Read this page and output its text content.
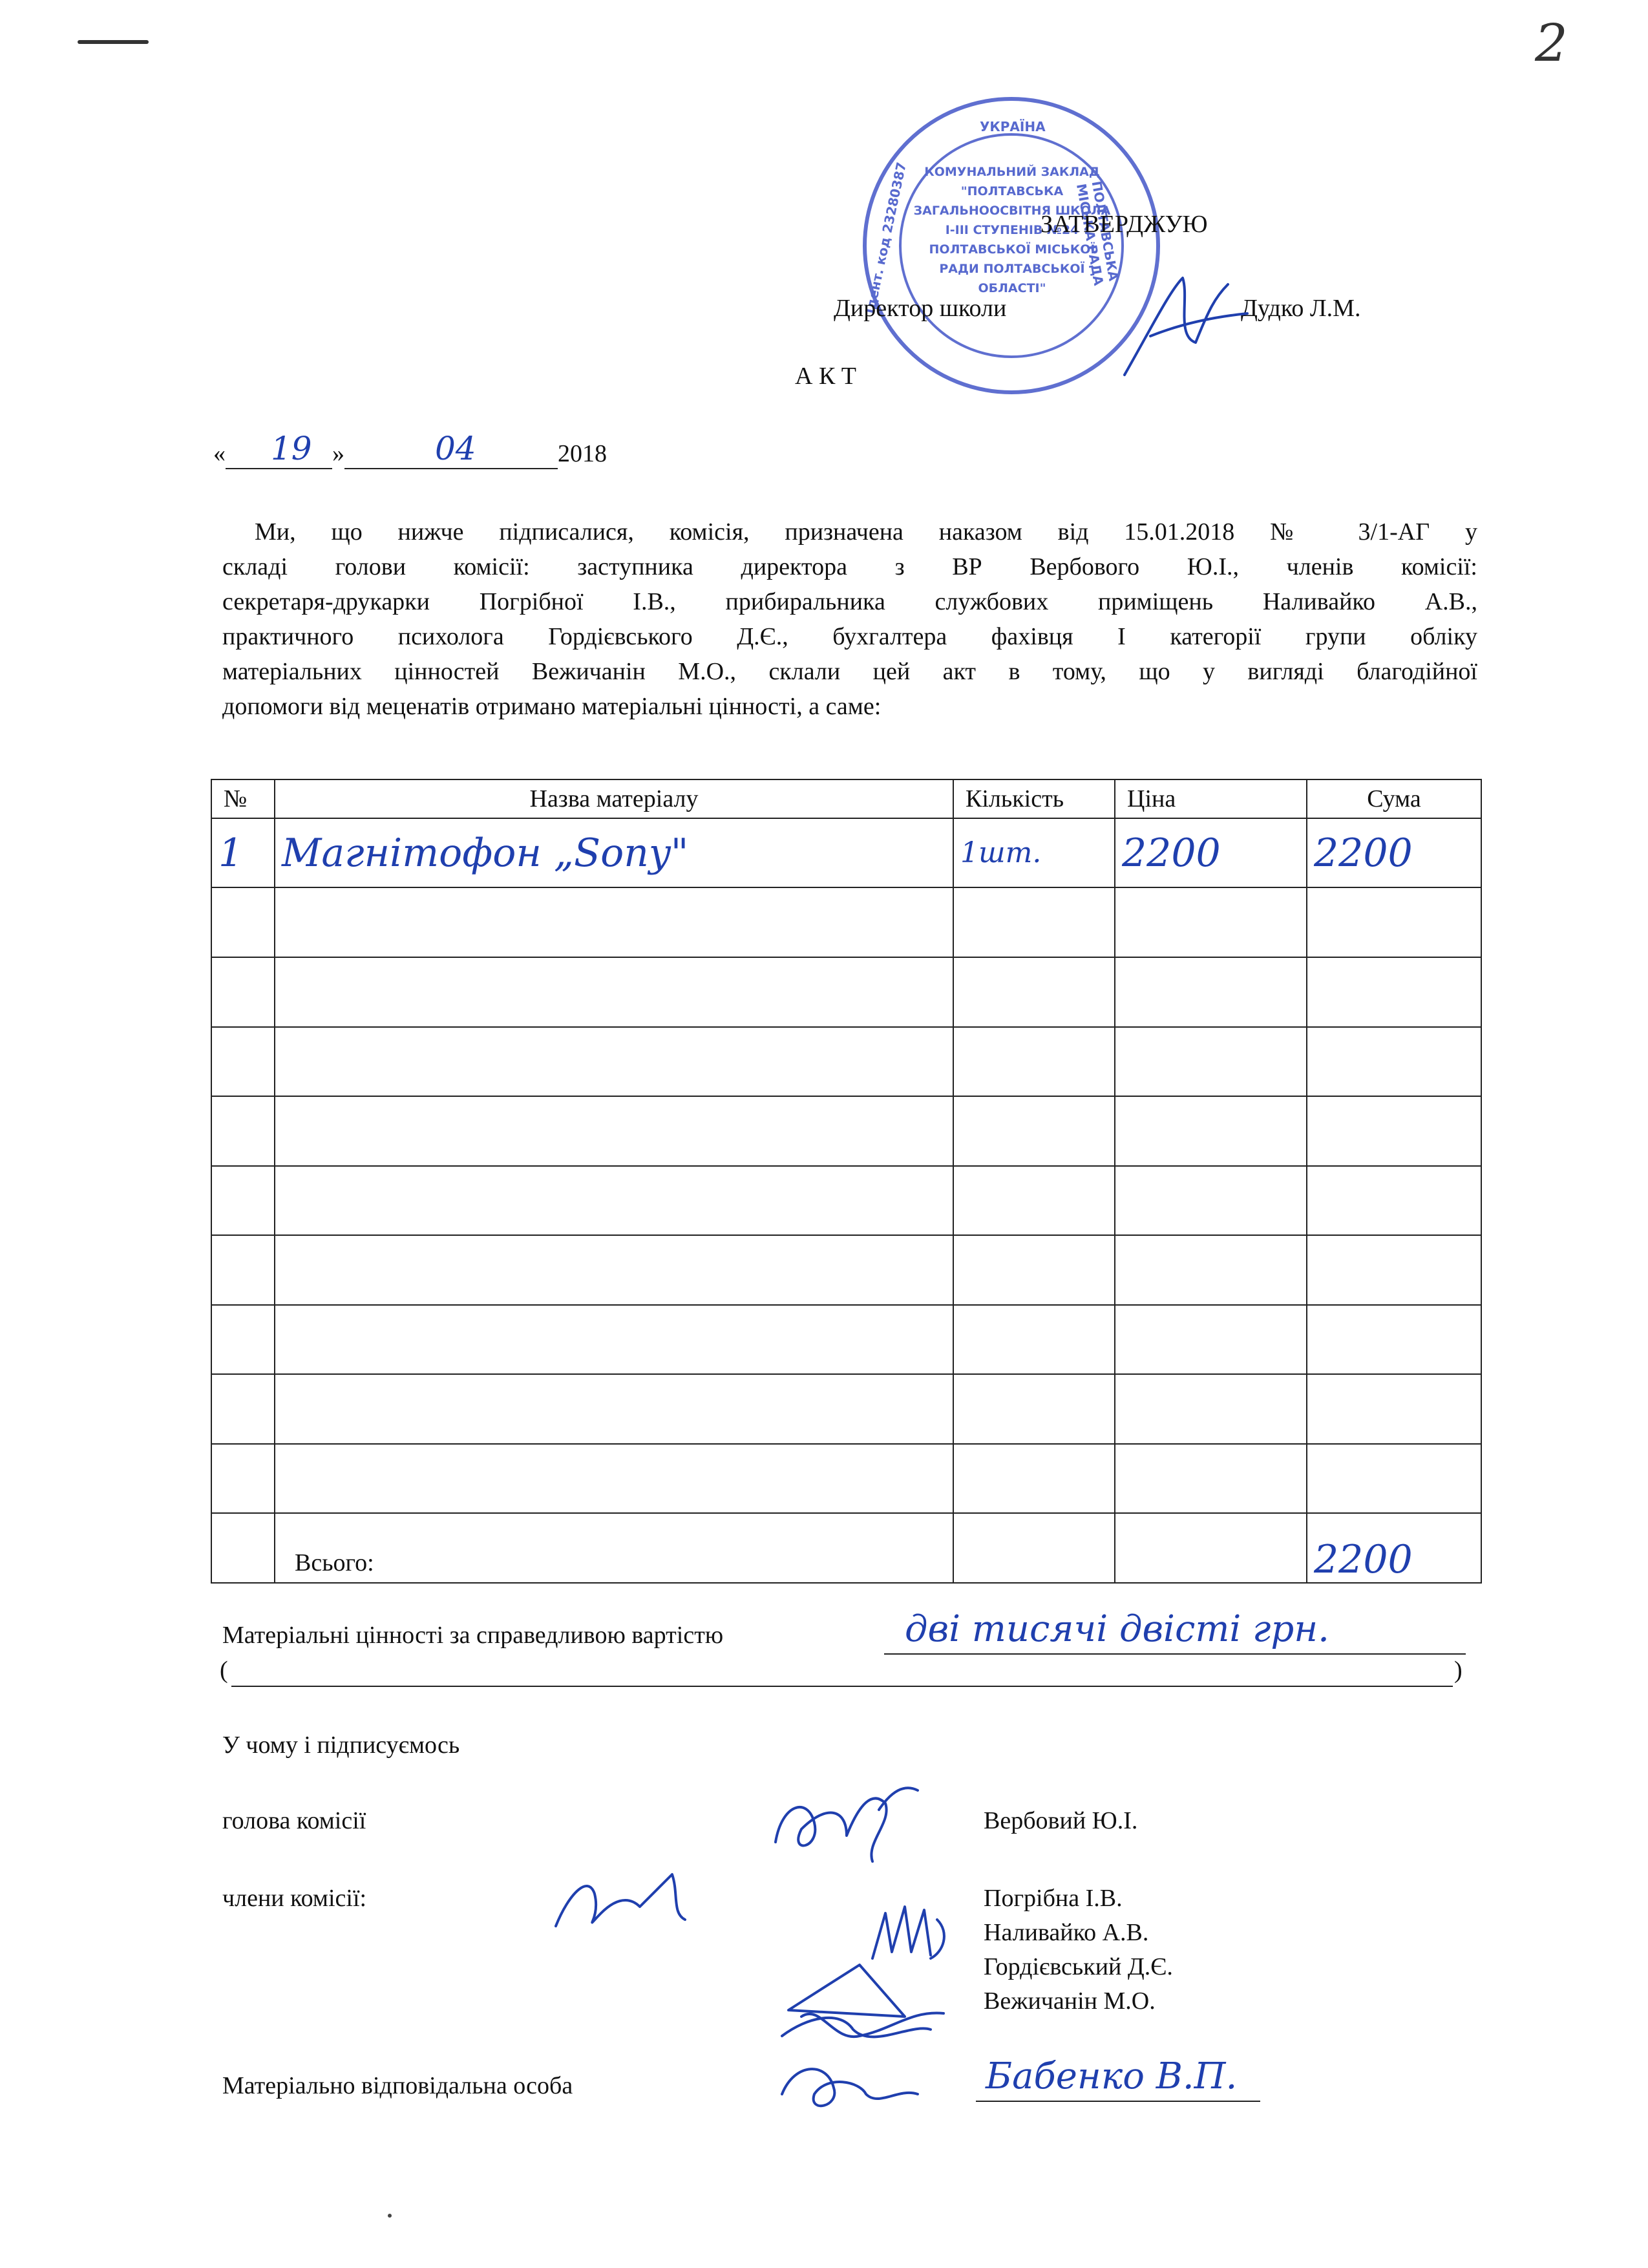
2
УКРАЇНА
Ідент. код 23280387	ПОЛТАВСЬКА МІСЬКА РАДА
КОМУНАЛЬНИЙ ЗАКЛАД "ПОЛТАВСЬКА ЗАГАЛЬНООСВІТНЯ ШКОЛА І-ІІІ СТУПЕНІВ №24 ПОЛТАВСЬКОЇ МІСЬКОЇ РАДИ ПОЛТАВСЬКОЇ ОБЛАСТІ"
ЗАТВЕРДЖУЮ
Директор школи	Дудко Л.М.
А К Т
« 19 »	04	2018
Ми, що нижче підписалися, комісія, призначена наказом від 15.01.2018 № 3/1-АГ у
складі голови комісії: заступника директора з ВР Вербового Ю.І., членів комісії:
секретаря-друкарки Погрібної І.В., прибиральника службових приміщень Наливайко А.В.,
практичного психолога Гордієвського Д.Є., бухгалтера фахівця І категорії групи обліку
матеріальних цінностей Вежичанін М.О., склали цей акт в тому, що у вигляді благодійної
допомоги від меценатів отримано матеріальні цінності, а саме:
№	Назва матеріалу	Кількість	Ціна	Сума
1	Магнітофон „Sony"	1шт.	2200	2200

	Всього:			2200
Матеріальні цінності за справедливою вартістю	дві тисячі двісті грн.
(	)
У чому і підписуємось
голова комісії	Вербовий Ю.І.
члени комісії:	Погрібна І.В.
Наливайко А.В.
Гордієвський Д.Є.
Вежичанін М.О.
Матеріально відповідальна особа	Бабенко В.П.
